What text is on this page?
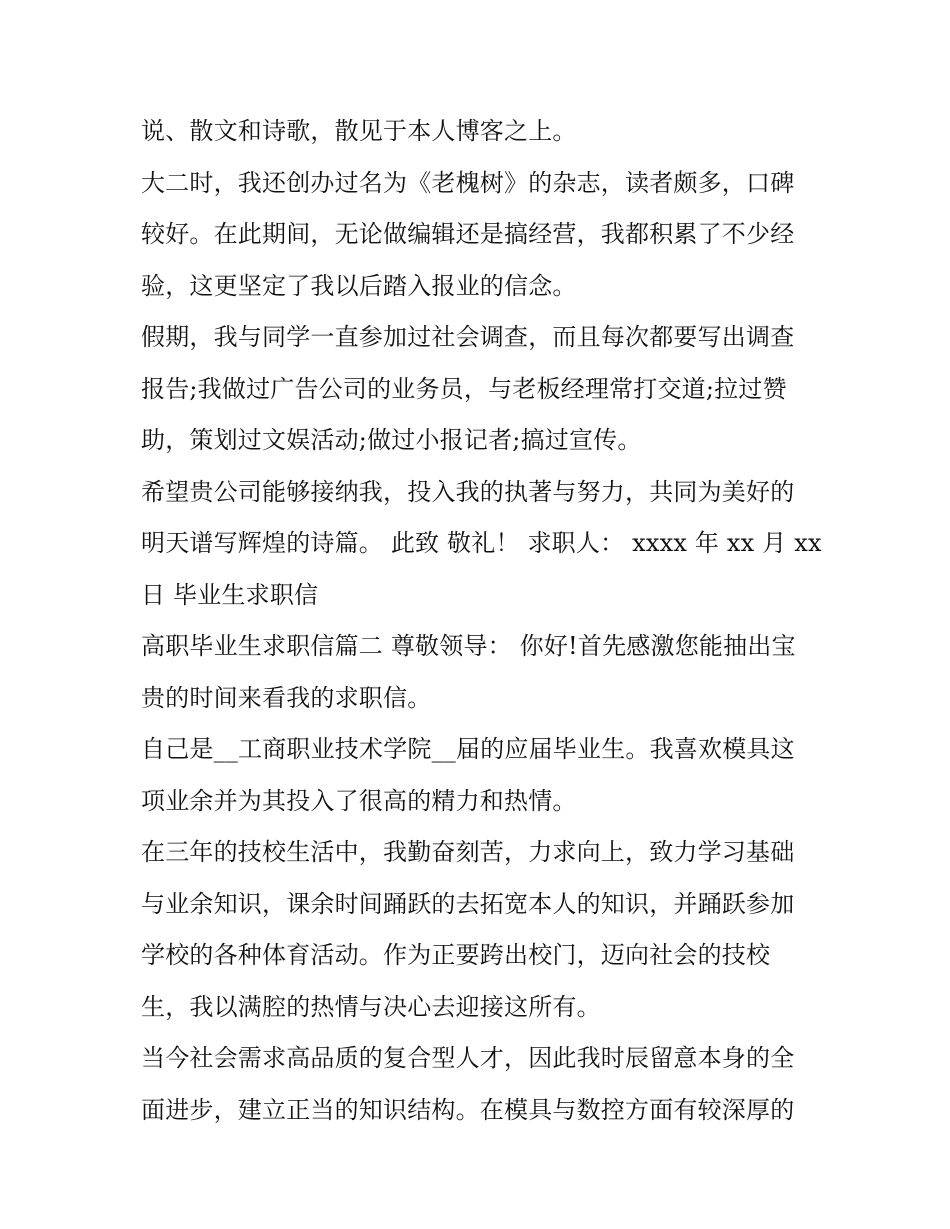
说、散文和诗歌，散见于本人博客之上。
大二时，我还创办过名为《老槐树》的杂志，读者颇多，口碑
较好。在此期间，无论做编辑还是搞经营，我都积累了不少经
验，这更坚定了我以后踏入报业的信念。
假期，我与同学一直参加过社会调查，而且每次都要写出调查
报告;我做过广告公司的业务员，与老板经理常打交道;拉过赞
助，策划过文娱活动;做过小报记者;搞过宣传。
希望贵公司能够接纳我，投入我的执著与努力，共同为美好的
明天谱写辉煌的诗篇。 此致 敬礼！ 求职人： xxxx 年 xx 月 xx
日 毕业生求职信
高职毕业生求职信篇二 尊敬领导： 你好!首先感激您能抽出宝
贵的时间来看我的求职信。
自己是__工商职业技术学院__届的应届毕业生。我喜欢模具这
项业余并为其投入了很高的精力和热情。
在三年的技校生活中，我勤奋刻苦，力求向上，致力学习基础
与业余知识，课余时间踊跃的去拓宽本人的知识，并踊跃参加
学校的各种体育活动。作为正要跨出校门，迈向社会的技校
生，我以满腔的热情与决心去迎接这所有。
当今社会需求高品质的复合型人才，因此我时辰留意本身的全
面进步，建立正当的知识结构。在模具与数控方面有较深厚的
